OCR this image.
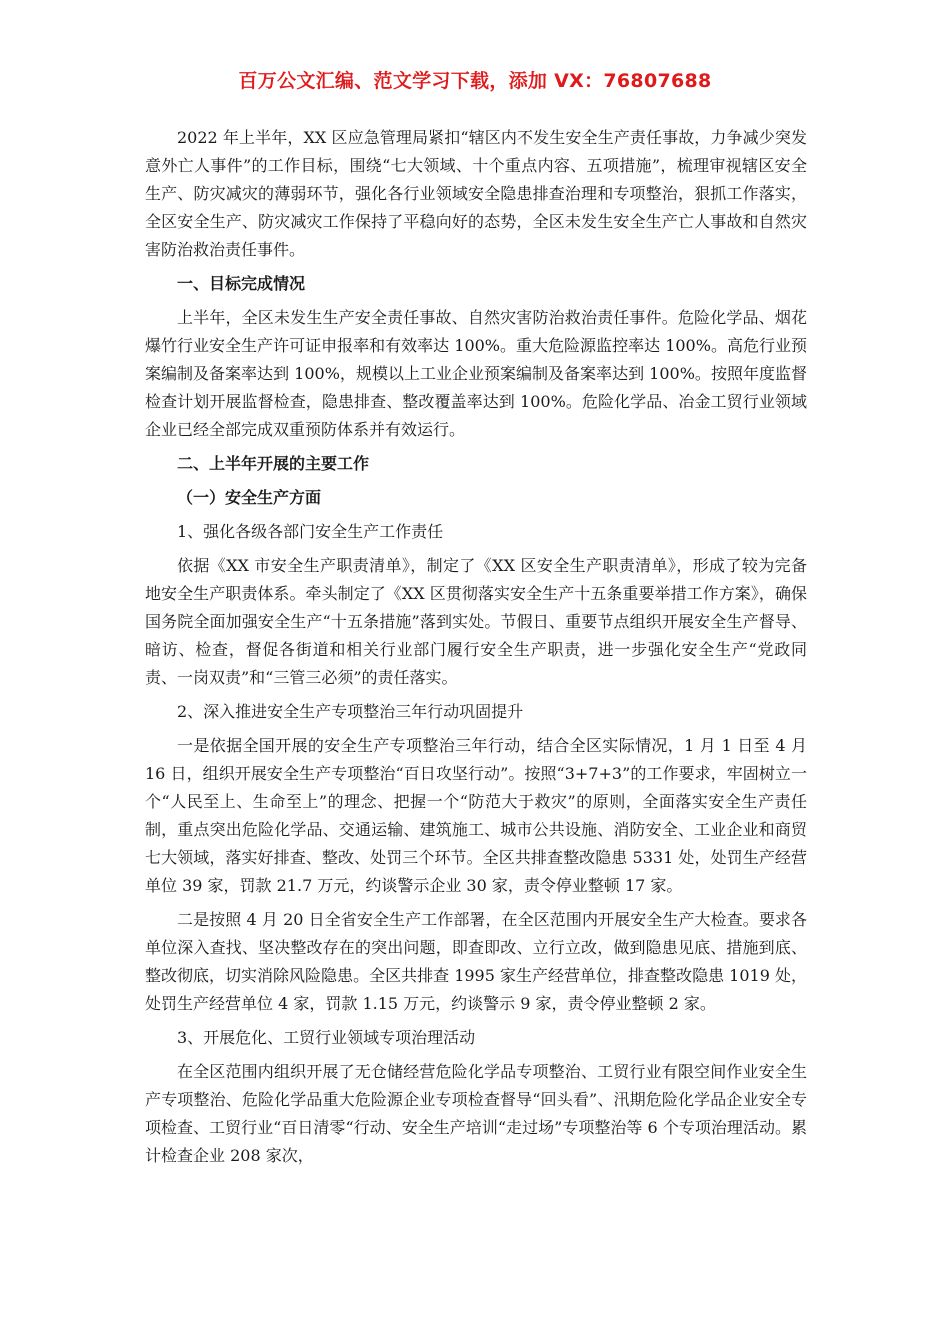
百万公文汇编、范文学习下载，添加 VX：76807688

2022 年上半年，XX 区应急管理局紧扣“辖区内不发生安全生产责任事故，力争减少突发意外亡人事件”的工作目标，围绕“七大领域、十个重点内容、五项措施”，梳理审视辖区安全生产、防灾减灾的薄弱环节，强化各行业领域安全隐患排查治理和专项整治，狠抓工作落实，全区安全生产、防灾减灾工作保持了平稳向好的态势，全区未发生安全生产亡人事故和自然灾害防治救治责任事件。

一、目标完成情况

上半年，全区未发生生产安全责任事故、自然灾害防治救治责任事件。危险化学品、烟花爆竹行业安全生产许可证申报率和有效率达 100%。重大危险源监控率达 100%。高危行业预案编制及备案率达到 100%，规模以上工业企业预案编制及备案率达到 100%。按照年度监督检查计划开展监督检查，隐患排查、整改覆盖率达到 100%。危险化学品、冶金工贸行业领域企业已经全部完成双重预防体系并有效运行。

二、上半年开展的主要工作

（一）安全生产方面

1、强化各级各部门安全生产工作责任

依据《XX 市安全生产职责清单》，制定了《XX 区安全生产职责清单》，形成了较为完备地安全生产职责体系。牵头制定了《XX 区贯彻落实安全生产十五条重要举措工作方案》，确保国务院全面加强安全生产“十五条措施”落到实处。节假日、重要节点组织开展安全生产督导、暗访、检查，督促各街道和相关行业部门履行安全生产职责，进一步强化安全生产“党政同责、一岗双责”和“三管三必须”的责任落实。

2、深入推进安全生产专项整治三年行动巩固提升

一是依据全国开展的安全生产专项整治三年行动，结合全区实际情况，1 月 1 日至 4 月 16 日，组织开展安全生产专项整治“百日攻坚行动”。按照“3+7+3”的工作要求，牢固树立一个“人民至上、生命至上”的理念、把握一个“防范大于救灾”的原则，全面落实安全生产责任制，重点突出危险化学品、交通运输、建筑施工、城市公共设施、消防安全、工业企业和商贸七大领域，落实好排查、整改、处罚三个环节。全区共排查整改隐患 5331 处，处罚生产经营单位 39 家，罚款 21.7 万元，约谈警示企业 30 家，责令停业整顿 17 家。

二是按照 4 月 20 日全省安全生产工作部署，在全区范围内开展安全生产大检查。要求各单位深入查找、坚决整改存在的突出问题，即查即改、立行立改，做到隐患见底、措施到底、整改彻底，切实消除风险隐患。全区共排查 1995 家生产经营单位，排查整改隐患 1019 处，处罚生产经营单位 4 家，罚款 1.15 万元，约谈警示 9 家，责令停业整顿 2 家。

3、开展危化、工贸行业领域专项治理活动

在全区范围内组织开展了无仓储经营危险化学品专项整治、工贸行业有限空间作业安全生产专项整治、危险化学品重大危险源企业专项检查督导“回头看”、汛期危险化学品企业安全专项检查、工贸行业“百日清零“行动、安全生产培训“走过场”专项整治等 6 个专项治理活动。累计检查企业 208 家次，
